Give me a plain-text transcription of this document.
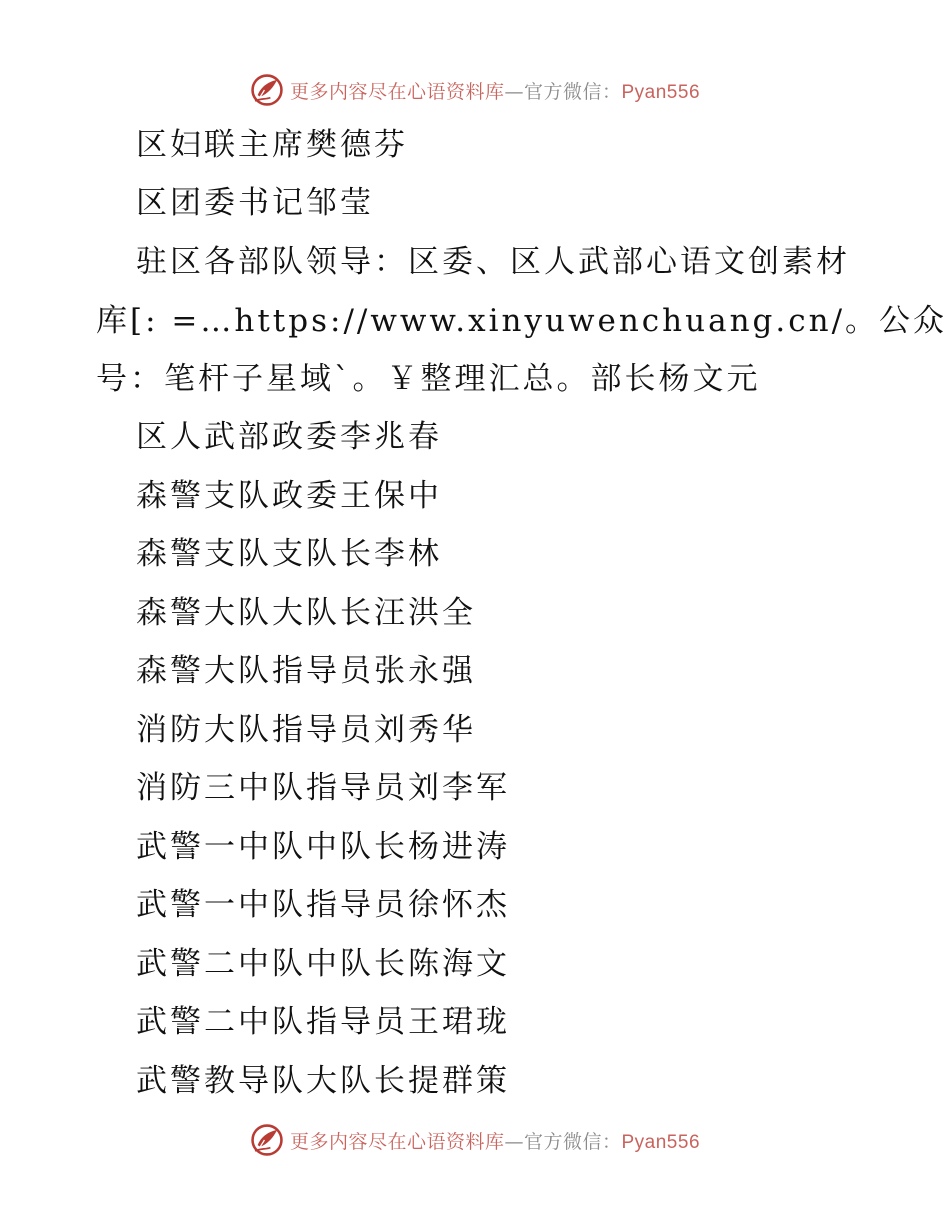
更多内容尽在心语资料库—官方微信：Pyan556
区妇联主席樊德芬
区团委书记邹莹
驻区各部队领导：区委、区人武部心语文创素材
库[: =…https://www.xinyuwenchuang.cn/。公众
号：笔杆子星域`。￥整理汇总。部长杨文元
区人武部政委李兆春
森警支队政委王保中
森警支队支队长李林
森警大队大队长汪洪全
森警大队指导员张永强
消防大队指导员刘秀华
消防三中队指导员刘李军
武警一中队中队长杨进涛
武警一中队指导员徐怀杰
武警二中队中队长陈海文
武警二中队指导员王珺珑
武警教导队大队长提群策
更多内容尽在心语资料库—官方微信：Pyan556
